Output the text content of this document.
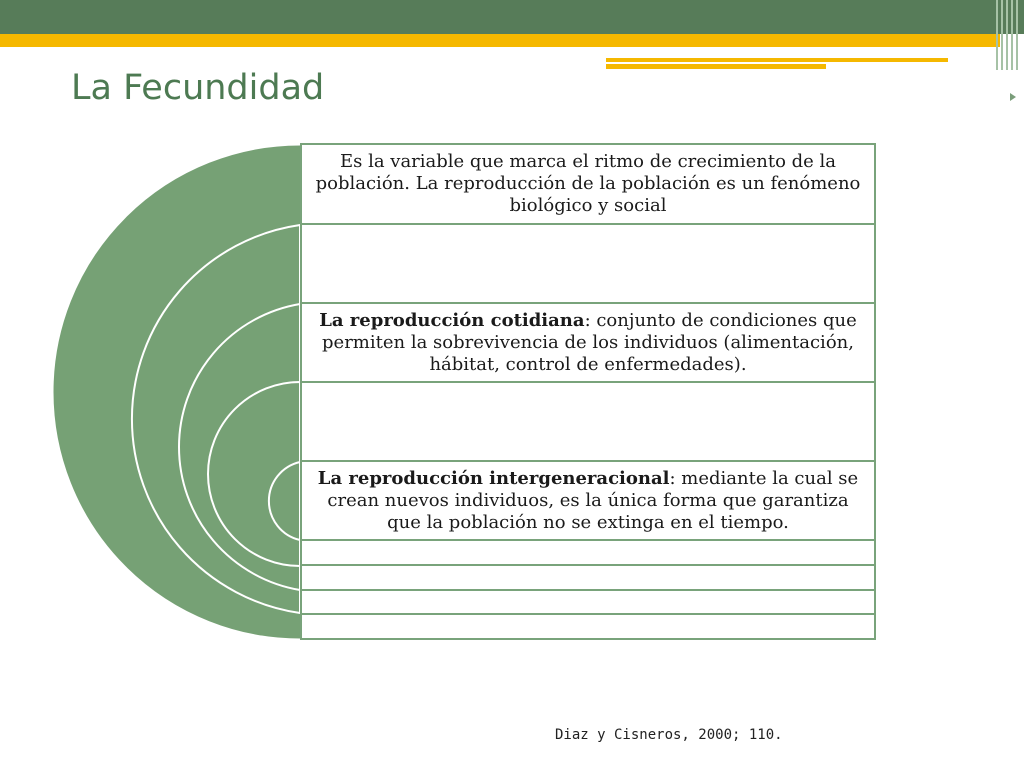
La Fecundidad

Es la variable que marca el ritmo de crecimiento de la población. La reproducción de la población es un fenómeno biológico y social

La reproducción cotidiana: conjunto de condiciones que permiten la sobrevivencia de los individuos (alimentación, hábitat, control de enfermedades).

La reproducción intergeneracional: mediante la cual se crean nuevos individuos, es la única forma que garantiza que la población no se extinga en el tiempo.

Diaz y Cisneros, 2000; 110.
